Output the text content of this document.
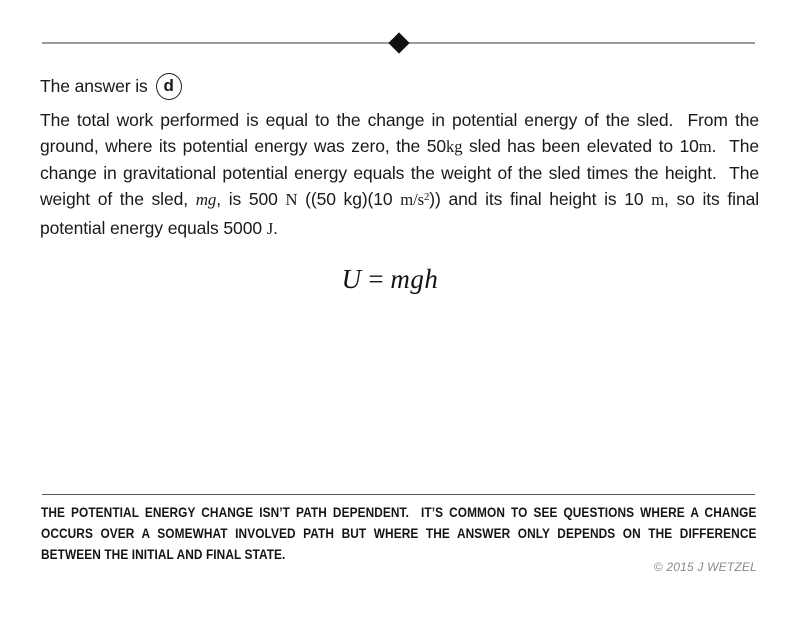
The answer is d

The total work performed is equal to the change in potential energy of the sled.  From the ground, where its potential energy was zero, the 50kg sled has been elevated to 10m.  The change in gravitational potential energy equals the weight of the sled times the height.  The weight of the sled, mg, is 500 N ((50 kg)(10 $m/s^2$)) and its final height is 10 m, so its final potential energy equals 5000 J.

U = mgh

THE POTENTIAL ENERGY CHANGE ISN’T PATH DEPENDENT.  IT’S COMMON TO SEE QUESTIONS WHERE A CHANGE OCCURS OVER A SOMEWHAT INVOLVED PATH BUT WHERE THE ANSWER ONLY DEPENDS ON THE DIFFERENCE BETWEEN THE INITIAL AND FINAL STATE.

© 2015 J WETZEL
